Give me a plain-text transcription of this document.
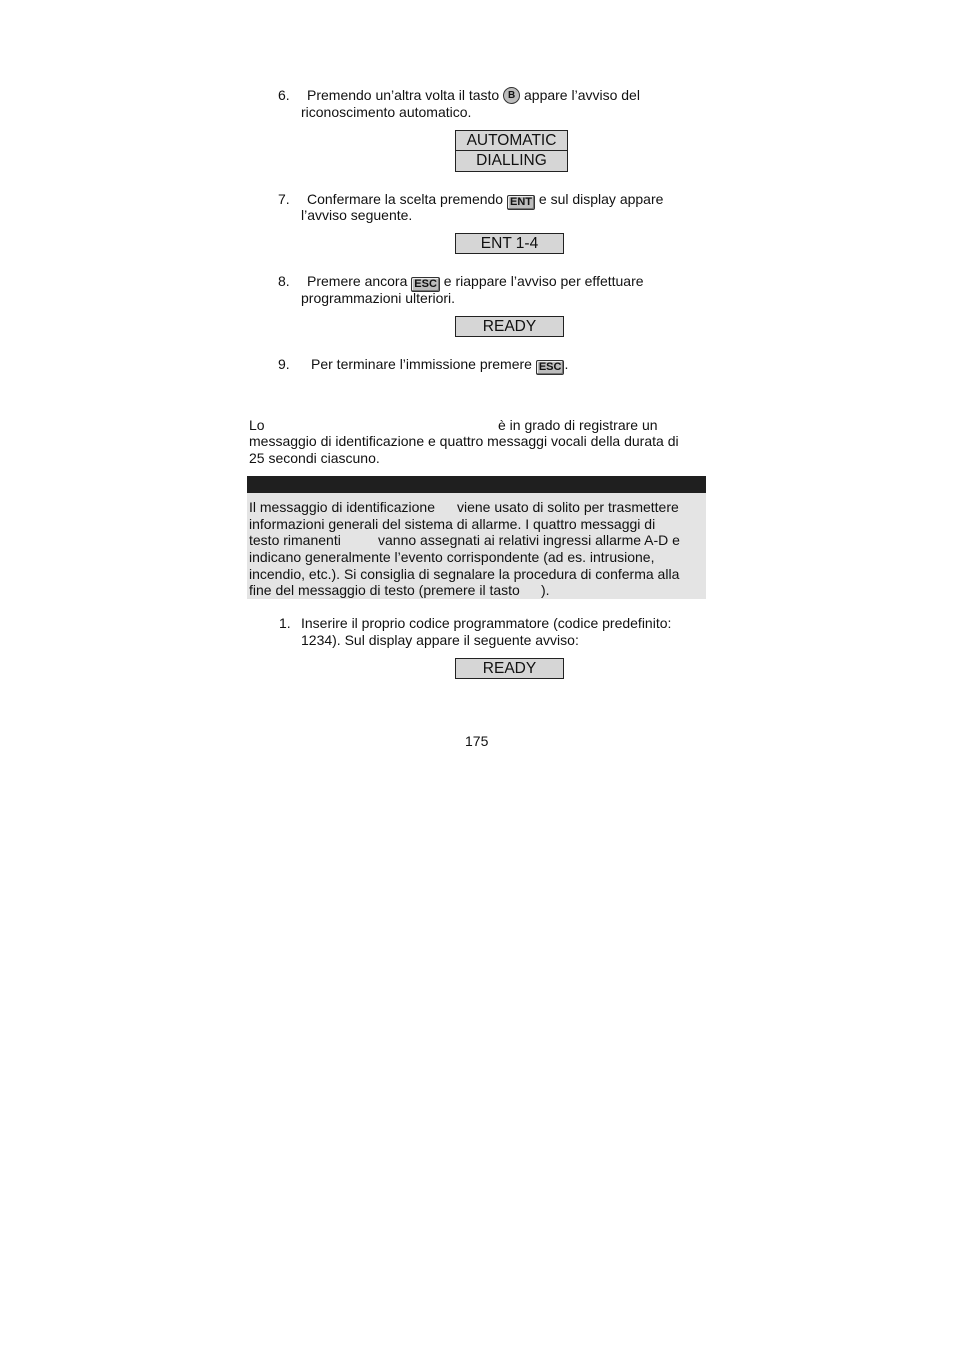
6. Premendo un’altra volta il tasto B appare l’avviso del
riconoscimento automatico.
AUTOMATIC
DIALLING
7. Confermare la scelta premendo ENT e sul display appare
l’avviso seguente.
ENT 1-4
8. Premere ancora ESC e riappare l’avviso per effettuare
programmazioni ulteriori.
READY
9. Per terminare l’immissione premere ESC .
Lo	è in grado di registrare un
messaggio di identificazione e quattro messaggi vocali della durata di
25 secondi ciascuno.
Il messaggio di identificazione viene usato di solito per trasmettere
informazioni generali del sistema di allarme. I quattro messaggi di
testo rimanenti	vanno assegnati ai relativi ingressi allarme A-D e
indicano generalmente l’evento corrispondente (ad es. intrusione,
incendio, etc.). Si consiglia di segnalare la procedura di conferma alla
fine del messaggio di testo (premere il tasto ).
1. Inserire il proprio codice programmatore (codice predefinito:
1234). Sul display appare il seguente avviso:
READY
175
